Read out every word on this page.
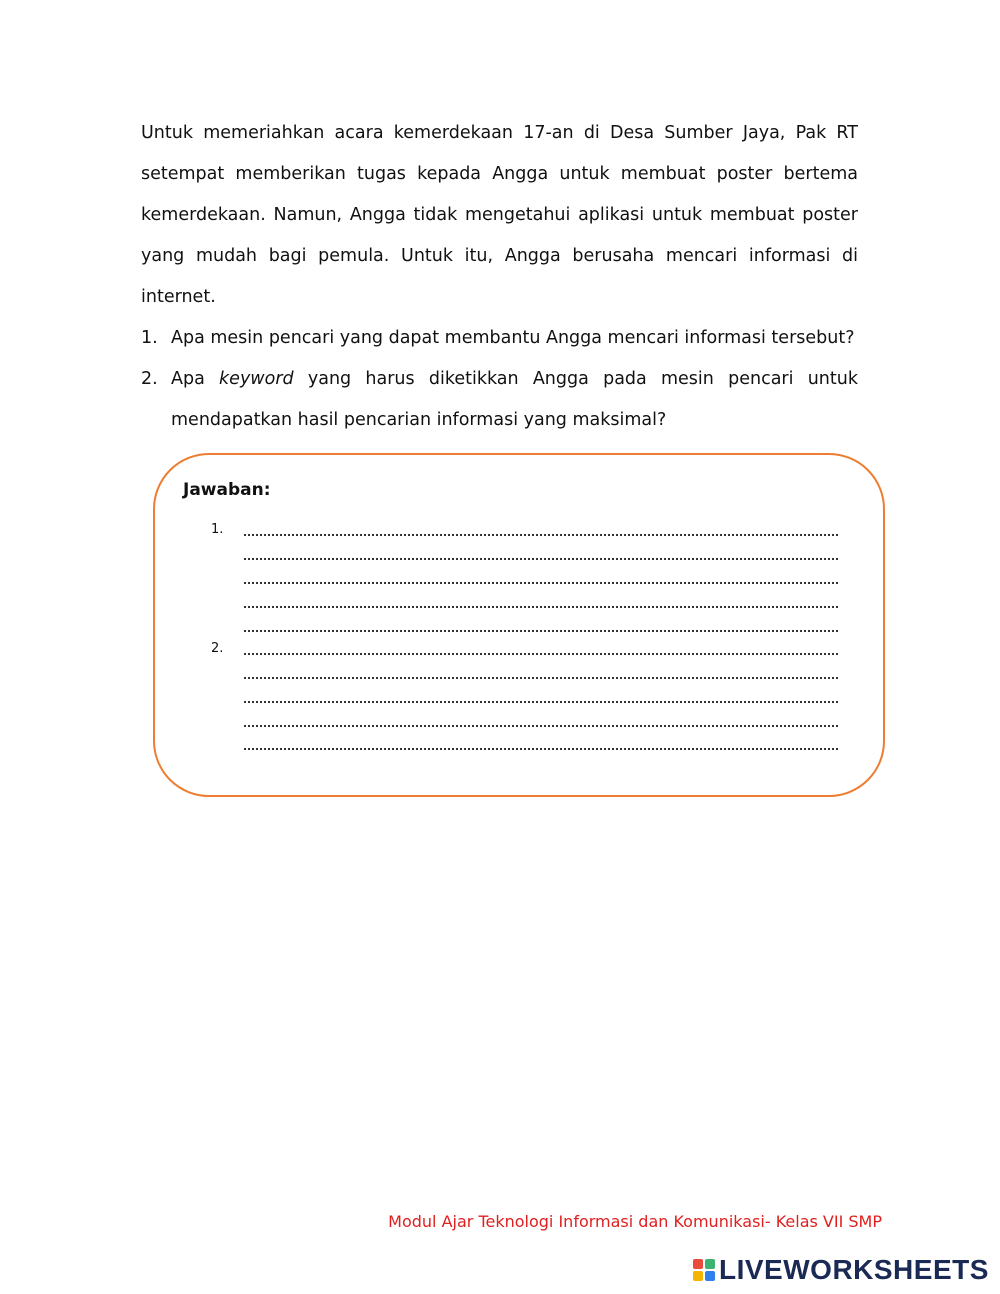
Untuk memeriahkan acara kemerdekaan 17-an di Desa Sumber Jaya, Pak RT setempat memberikan tugas kepada Angga untuk membuat poster bertema kemerdekaan. Namun, Angga tidak mengetahui aplikasi untuk membuat poster yang mudah bagi pemula. Untuk itu, Angga berusaha mencari informasi di internet.

1. Apa mesin pencari yang dapat membantu Angga mencari informasi tersebut?
2. Apa keyword yang harus diketikkan Angga pada mesin pencari untuk mendapatkan hasil pencarian informasi yang maksimal?
Jawaban:
1.
2.
Modul Ajar Teknologi Informasi dan Komunikasi- Kelas VII SMP
LIVEWORKSHEETS
